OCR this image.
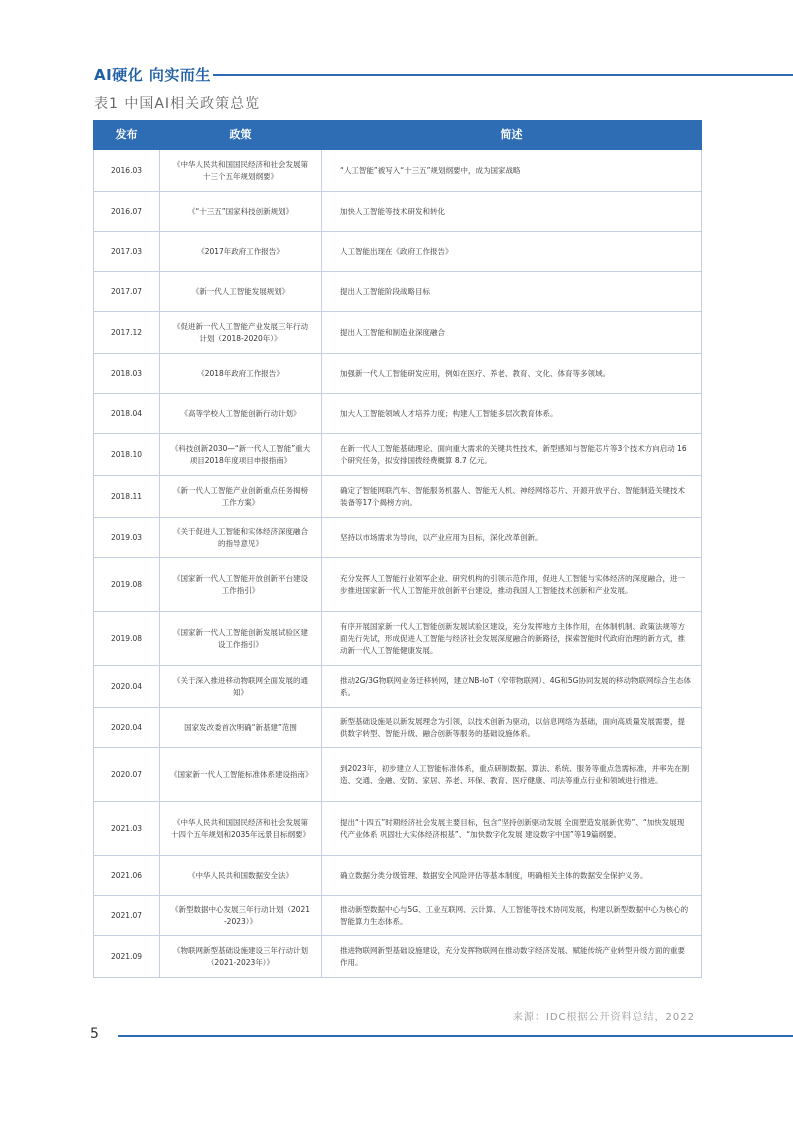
AI硬化 向实而生
表1 中国AI相关政策总览
发布	政策	简述
2016.03	《中华人民共和国国民经济和社会发展第十三个五年规划纲要》	“人工智能”被写入“十三五”规划纲要中，成为国家战略
2016.07	《“十三五”国家科技创新规划》	加快人工智能等技术研发和转化
2017.03	《2017年政府工作报告》	人工智能出现在《政府工作报告》
2017.07	《新一代人工智能发展规划》	提出人工智能阶段战略目标
2017.12	《促进新一代人工智能产业发展三年行动计划（2018-2020年）》	提出人工智能和制造业深度融合
2018.03	《2018年政府工作报告》	加强新一代人工智能研发应用，例如在医疗、养老、教育、文化、体育等多领域。
2018.04	《高等学校人工智能创新行动计划》	加大人工智能领域人才培养力度；构建人工智能多层次教育体系。
2018.10	《科技创新2030—“新一代人工智能”重大项目2018年度项目申报指南》	在新一代人工智能基础理论、面向重大需求的关键共性技术、新型感知与智能芯片等3个技术方向启动 16 个研究任务，拟安排国拨经费概算 8.7 亿元。
2018.11	《新一代人工智能产业创新重点任务揭榜工作方案》	确定了智能网联汽车、智能服务机器人、智能无人机、神经网络芯片、开源开放平台、智能制造关键技术装备等17个揭榜方向。
2019.03	《关于促进人工智能和实体经济深度融合的指导意见》	坚持以市场需求为导向，以产业应用为目标，深化改革创新。
2019.08	《国家新一代人工智能开放创新平台建设工作指引》	充分发挥人工智能行业领军企业、研究机构的引领示范作用，促进人工智能与实体经济的深度融合，进一步推进国家新一代人工智能开放创新平台建设，推动我国人工智能技术创新和产业发展。
2019.08	《国家新一代人工智能创新发展试验区建设工作指引》	有序开展国家新一代人工智能创新发展试验区建设，充分发挥地方主体作用，在体制机制、政策法规等方面先行先试，形成促进人工智能与经济社会发展深度融合的新路径，探索智能时代政府治理的新方式，推动新一代人工智能健康发展。
2020.04	《关于深入推进移动物联网全面发展的通知》	推动2G/3G物联网业务迁移转网，建立NB-IoT（窄带物联网）、4G和5G协同发展的移动物联网综合生态体系。
2020.04	国家发改委首次明确“新基建”范围	新型基础设施是以新发展理念为引领，以技术创新为驱动，以信息网络为基础，面向高质量发展需要，提供数字转型、智能升级、融合创新等服务的基础设施体系。
2020.07	《国家新一代人工智能标准体系建设指南》	到2023年，初步建立人工智能标准体系，重点研制数据、算法、系统、服务等重点急需标准，并率先在制造、交通、金融、安防、家居、养老、环保、教育、医疗健康、司法等重点行业和领域进行推进。
2021.03	《中华人民共和国国民经济和社会发展第十四个五年规划和2035年远景目标纲要》	提出“十四五”时期经济社会发展主要目标，包含“坚持创新驱动发展 全面塑造发展新优势”、“加快发展现代产业体系 巩固壮大实体经济根基”、“加快数字化发展 建设数字中国”等19篇纲要。
2021.06	《中华人民共和国数据安全法》	确立数据分类分级管理、数据安全风险评估等基本制度，明确相关主体的数据安全保护义务。
2021.07	《新型数据中心发展三年行动计划（2021-2023）》	推动新型数据中心与5G、工业互联网、云计算、人工智能等技术协同发展，构建以新型数据中心为核心的智能算力生态体系。
2021.09	《物联网新型基础设施建设三年行动计划（2021-2023年）》	推进物联网新型基础设施建设，充分发挥物联网在推动数字经济发展、赋能传统产业转型升级方面的重要作用。
来源：IDC根据公开资料总结，2022
5
